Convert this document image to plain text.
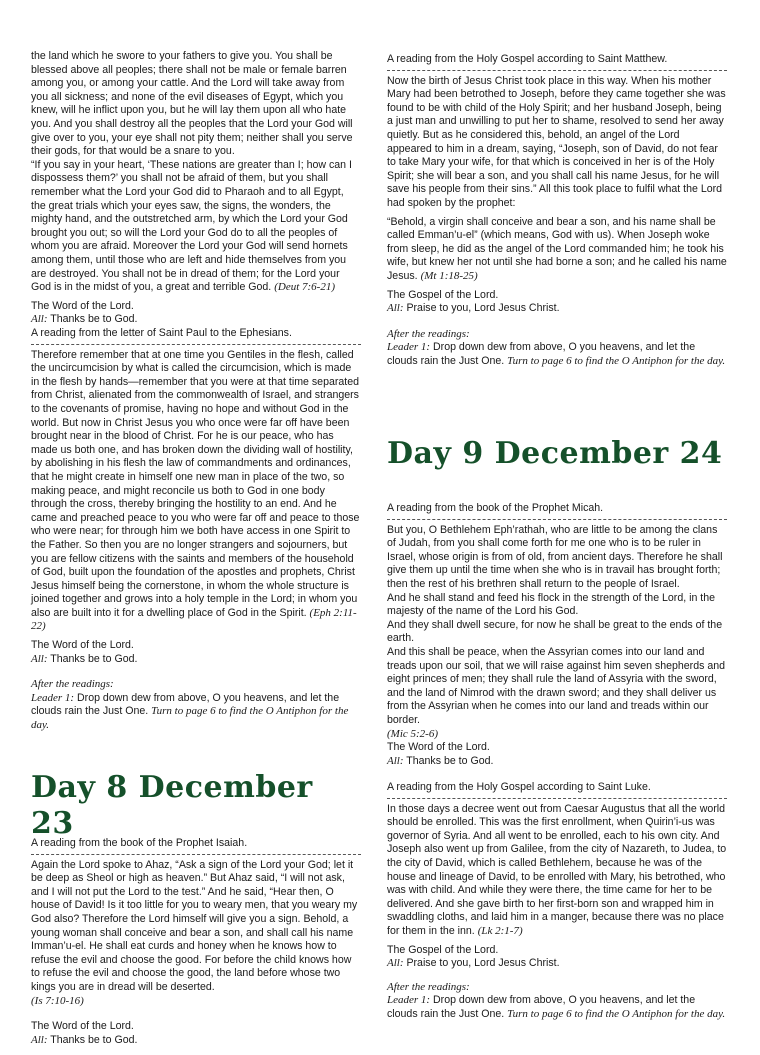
the land which he swore to your fathers to give you. You shall be blessed above all peoples; there shall not be male or female barren among you, or among your cattle. And the Lord will take away from you all sickness; and none of the evil diseases of Egypt, which you knew, will he inflict upon you, but he will lay them upon all who hate you. And you shall destroy all the peoples that the Lord your God will give over to you, your eye shall not pity them; neither shall you serve their gods, for that would be a snare to you.

“If you say in your heart, ‘These nations are greater than I; how can I dispossess them?’ you shall not be afraid of them, but you shall remember what the Lord your God did to Pharaoh and to all Egypt, the great trials which your eyes saw, the signs, the wonders, the mighty hand, and the outstretched arm, by which the Lord your God brought you out; so will the Lord your God do to all the peoples of whom you are afraid. Moreover the Lord your God will send hornets among them, until those who are left and hide themselves from you are destroyed. You shall not be in dread of them; for the Lord your God is in the midst of you, a great and terrible God. (Deut 7:6-21)

The Word of the Lord.

All: Thanks be to God.

A reading from the letter of Saint Paul to the Ephesians.

Therefore remember that at one time you Gentiles in the flesh, called the uncircumcision by what is called the circumcision, which is made in the flesh by hands—remember that you were at that time separated from Christ, alienated from the commonwealth of Israel, and strangers to the covenants of promise, having no hope and without God in the world. But now in Christ Jesus you who once were far off have been brought near in the blood of Christ. For he is our peace, who has made us both one, and has broken down the dividing wall of hostility, by abolishing in his flesh the law of commandments and ordinances, that he might create in himself one new man in place of the two, so making peace, and might reconcile us both to God in one body through the cross, thereby bringing the hostility to an end. And he came and preached peace to you who were far off and peace to those who were near; for through him we both have access in one Spirit to the Father. So then you are no longer strangers and sojourners, but you are fellow citizens with the saints and members of the household of God, built upon the foundation of the apostles and prophets, Christ Jesus himself being the cornerstone, in whom the whole structure is joined together and grows into a holy temple in the Lord; in whom you also are built into it for a dwelling place of God in the Spirit. (Eph 2:11-22)

The Word of the Lord.

All: Thanks be to God.

After the readings:

Leader 1: Drop down dew from above, O you heavens, and let the clouds rain the Just One. Turn to page 6 to find the O Antiphon for the day.

Day 8 December 23
A reading from the book of the Prophet Isaiah.

Again the Lord spoke to Ahaz, “Ask a sign of the Lord your God; let it be deep as Sheol or high as heaven.” But Ahaz said, “I will not ask, and I will not put the Lord to the test.” And he said, “Hear then, O house of David! Is it too little for you to weary men, that you weary my God also? Therefore the Lord himself will give you a sign. Behold, a young woman shall conceive and bear a son, and shall call his name Imman’u-el. He shall eat curds and honey when he knows how to refuse the evil and choose the good. For before the child knows how to refuse the evil and choose the good, the land before whose two kings you are in dread will be deserted.

(Is 7:10-16)

The Word of the Lord.

All: Thanks be to God.

A reading from the Holy Gospel according to Saint Matthew.

Now the birth of Jesus Christ took place in this way. When his mother Mary had been betrothed to Joseph, before they came together she was found to be with child of the Holy Spirit; and her husband Joseph, being a just man and unwilling to put her to shame, resolved to send her away quietly. But as he considered this, behold, an angel of the Lord appeared to him in a dream, saying, “Joseph, son of David, do not fear to take Mary your wife, for that which is conceived in her is of the Holy Spirit; she will bear a son, and you shall call his name Jesus, for he will save his people from their sins.” All this took place to fulfil what the Lord had spoken by the prophet:

“Behold, a virgin shall conceive and bear a son, and his name shall be called Emman’u-el” (which means, God with us). When Joseph woke from sleep, he did as the angel of the Lord commanded him; he took his wife, but knew her not until she had borne a son; and he called his name Jesus. (Mt 1:18-25)

The Gospel of the Lord.

All: Praise to you, Lord Jesus Christ.

After the readings:

Leader 1: Drop down dew from above, O you heavens, and let the clouds rain the Just One. Turn to page 6 to find the O Antiphon for the day.

Day 9 December 24
A reading from the book of the Prophet Micah.

But you, O Bethlehem Eph’rathah, who are little to be among the clans of Judah, from you shall come forth for me one who is to be ruler in Israel, whose origin is from of old, from ancient days. Therefore he shall give them up until the time when she who is in travail has brought forth; then the rest of his brethren shall return to the people of Israel.

And he shall stand and feed his flock in the strength of the Lord, in the majesty of the name of the Lord his God.

And they shall dwell secure, for now he shall be great to the ends of the earth.

And this shall be peace, when the Assyrian comes into our land and treads upon our soil, that we will raise against him seven shepherds and eight princes of men; they shall rule the land of Assyria with the sword, and the land of Nimrod with the drawn sword; and they shall deliver us from the Assyrian when he comes into our land and treads within our border.

(Mic 5:2-6)

The Word of the Lord.

All: Thanks be to God.

A reading from the Holy Gospel according to Saint Luke.

In those days a decree went out from Caesar Augustus that all the world should be enrolled. This was the first enrollment, when Quirin’i-us was governor of Syria. And all went to be enrolled, each to his own city. And Joseph also went up from Galilee, from the city of Nazareth, to Judea, to the city of David, which is called Bethlehem, because he was of the house and lineage of David, to be enrolled with Mary, his betrothed, who was with child. And while they were there, the time came for her to be delivered. And she gave birth to her first-born son and wrapped him in swaddling cloths, and laid him in a manger, because there was no place for them in the inn. (Lk 2:1-7)

The Gospel of the Lord.

All: Praise to you, Lord Jesus Christ.

After the readings:

Leader 1: Drop down dew from above, O you heavens, and let the clouds rain the Just One. Turn to page 6 to find the O Antiphon for the day.
